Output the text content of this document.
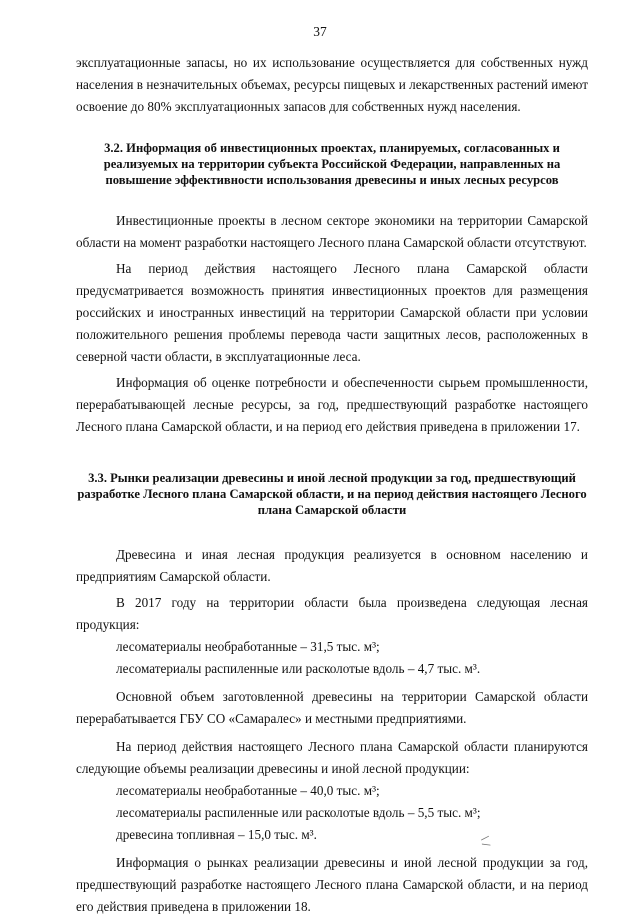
37

эксплуатационные запасы, но их использование осуществляется для собственных нужд населения в незначительных объемах, ресурсы пищевых и лекарственных растений имеют освоение до 80% эксплуатационных запасов для собственных нужд населения.

3.2. Информация об инвестиционных проектах, планируемых, согласованных и реализуемых на территории субъекта Российской Федерации, направленных на повышение эффективности использования древесины и иных лесных ресурсов

Инвестиционные проекты в лесном секторе экономики на территории Самарской области на момент разработки настоящего Лесного плана Самарской области отсутствуют.

На период действия настоящего Лесного плана Самарской области предусматривается возможность принятия инвестиционных проектов для размещения российских и иностранных инвестиций на территории Самарской области при условии положительного решения проблемы перевода части защитных лесов, расположенных в северной части области, в эксплуатационные леса.

Информация об оценке потребности и обеспеченности сырьем промышленности, перерабатывающей лесные ресурсы, за год, предшествующий разработке настоящего Лесного плана Самарской области, и на период его действия приведена в приложении 17.

3.3. Рынки реализации древесины и иной лесной продукции за год, предшествующий разработке Лесного плана Самарской области, и на период действия настоящего Лесного плана Самарской области

Древесина и иная лесная продукция реализуется в основном населению и предприятиям Самарской области.

В 2017 году на территории области была произведена следующая лесная продукция:

лесоматериалы необработанные – 31,5 тыс. м³;

лесоматериалы распиленные или расколотые вдоль – 4,7 тыс. м³.

Основной объем заготовленной древесины на территории Самарской области перерабатывается ГБУ СО «Самаралес» и местными предприятиями.

На период действия настоящего Лесного плана Самарской области планируются следующие объемы реализации древесины и иной лесной продукции:

лесоматериалы необработанные – 40,0 тыс. м³;

лесоматериалы распиленные или расколотые вдоль – 5,5 тыс. м³;

древесина топливная – 15,0 тыс. м³.

Информация о рынках реализации древесины и иной лесной продукции за год, предшествующий разработке настоящего Лесного плана Самарской области, и на период его действия приведена в приложении 18.

\ /
